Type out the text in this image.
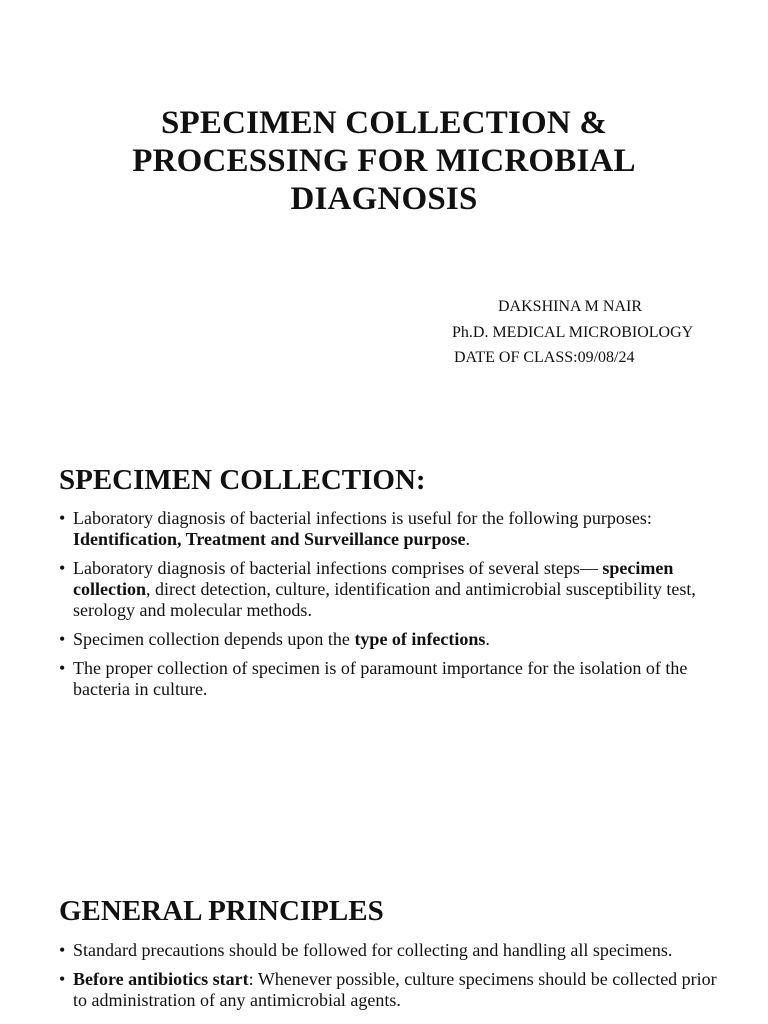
SPECIMEN COLLECTION &
PROCESSING FOR MICROBIAL
DIAGNOSIS
DAKSHINA M NAIR
Ph.D. MEDICAL MICROBIOLOGY
DATE OF CLASS:09/08/24
SPECIMEN COLLECTION:
• Laboratory diagnosis of bacterial infections is useful for the following purposes: Identification, Treatment and Surveillance purpose.
• Laboratory diagnosis of bacterial infections comprises of several steps— specimen collection, direct detection, culture, identification and antimicrobial susceptibility test, serology and molecular methods.
• Specimen collection depends upon the type of infections.
• The proper collection of specimen is of paramount importance for the isolation of the bacteria in culture.
GENERAL PRINCIPLES
• Standard precautions should be followed for collecting and handling all specimens.
• Before antibiotics start: Whenever possible, culture specimens should be collected prior to administration of any antimicrobial agents.
